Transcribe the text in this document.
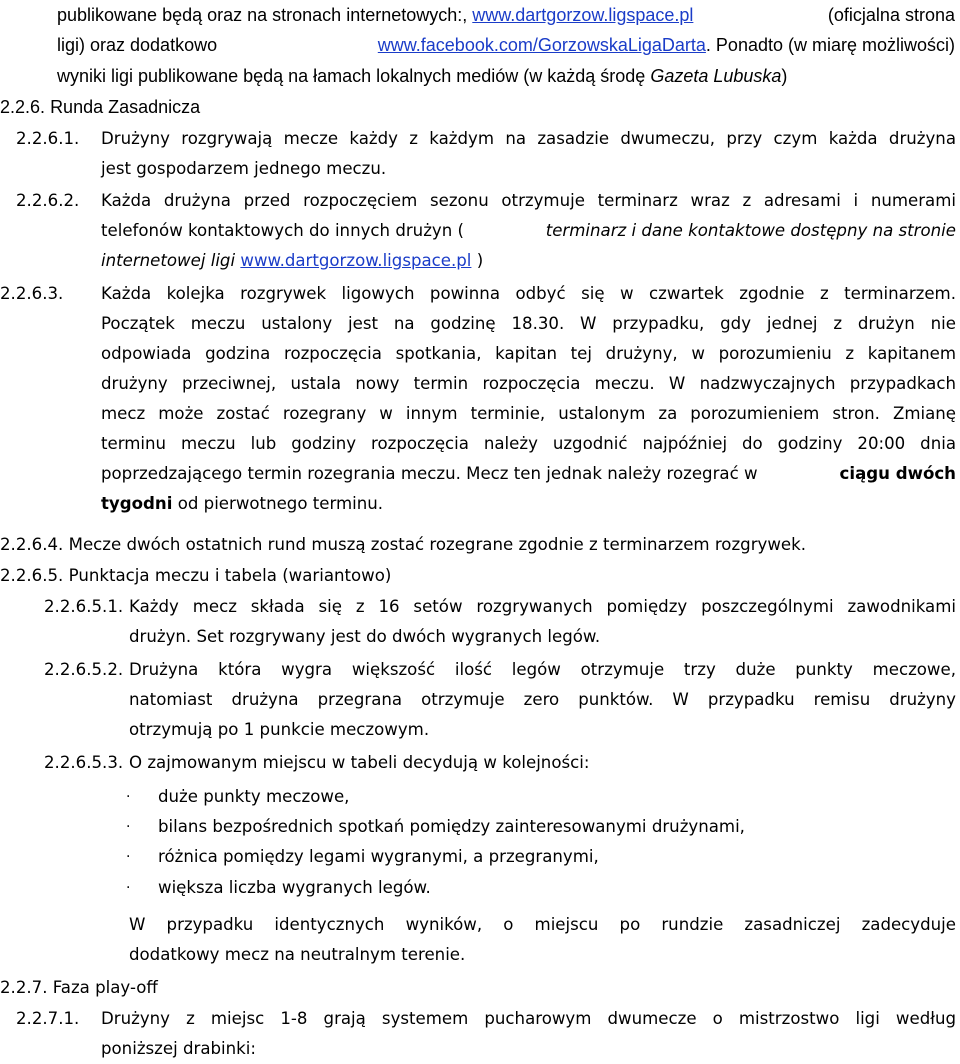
publikowane będą oraz na stronach internetowych:, www.dartgorzow.ligspace.pl	(oficjalna strona
ligi) oraz dodatkowo	www.facebook.com/GorzowskaLigaDarta. Ponadto (w miarę możliwości)
wyniki ligi publikowane będą na łamach lokalnych mediów (w każdą środę Gazeta Lubuska)
2.2.6. Runda Zasadnicza
2.2.6.1. Drużyny rozgrywają mecze każdy z każdym na zasadzie dwumeczu, przy czym każda drużyna
jest gospodarzem jednego meczu.
2.2.6.2. Każda drużyna przed rozpoczęciem sezonu otrzymuje terminarz wraz z adresami i numerami
telefonów kontaktowych do innych drużyn (	terminarz i dane kontaktowe dostępny na stronie
internetowej ligi www.dartgorzow.ligspace.pl )
2.2.6.3. Każda kolejka rozgrywek ligowych powinna odbyć się w czwartek zgodnie z terminarzem.
Początek meczu ustalony jest na godzinę 18.30. W przypadku, gdy jednej z drużyn nie
odpowiada godzina rozpoczęcia spotkania, kapitan tej drużyny, w porozumieniu z kapitanem
drużyny przeciwnej, ustala nowy termin rozpoczęcia meczu. W nadzwyczajnych przypadkach
mecz może zostać rozegrany w innym terminie, ustalonym za porozumieniem stron. Zmianę
terminu meczu lub godziny rozpoczęcia należy uzgodnić najpóźniej do godziny 20:00 dnia
poprzedzającego termin rozegrania meczu. Mecz ten jednak należy rozegrać w	ciągu dwóch
tygodni od pierwotnego terminu.
2.2.6.4. Mecze dwóch ostatnich rund muszą zostać rozegrane zgodnie z terminarzem rozgrywek.
2.2.6.5. Punktacja meczu i tabela (wariantowo)
2.2.6.5.1. Każdy mecz składa się z 16 setów rozgrywanych pomiędzy poszczególnymi zawodnikami
drużyn. Set rozgrywany jest do dwóch wygranych legów.
2.2.6.5.2. Drużyna która wygra większość ilość legów otrzymuje trzy duże punkty meczowe,
natomiast drużyna przegrana otrzymuje zero punktów. W przypadku remisu drużyny
otrzymują po 1 punkcie meczowym.
2.2.6.5.3. O zajmowanym miejscu w tabeli decydują w kolejności:
· duże punkty meczowe,
· bilans bezpośrednich spotkań pomiędzy zainteresowanymi drużynami,
· różnica pomiędzy legami wygranymi, a przegranymi,
· większa liczba wygranych legów.
W przypadku identycznych wyników, o miejscu po rundzie zasadniczej zadecyduje
dodatkowy mecz na neutralnym terenie.
2.2.7. Faza play-off
2.2.7.1. Drużyny z miejsc 1-8 grają systemem pucharowym dwumecze o mistrzostwo ligi według
poniższej drabinki:
